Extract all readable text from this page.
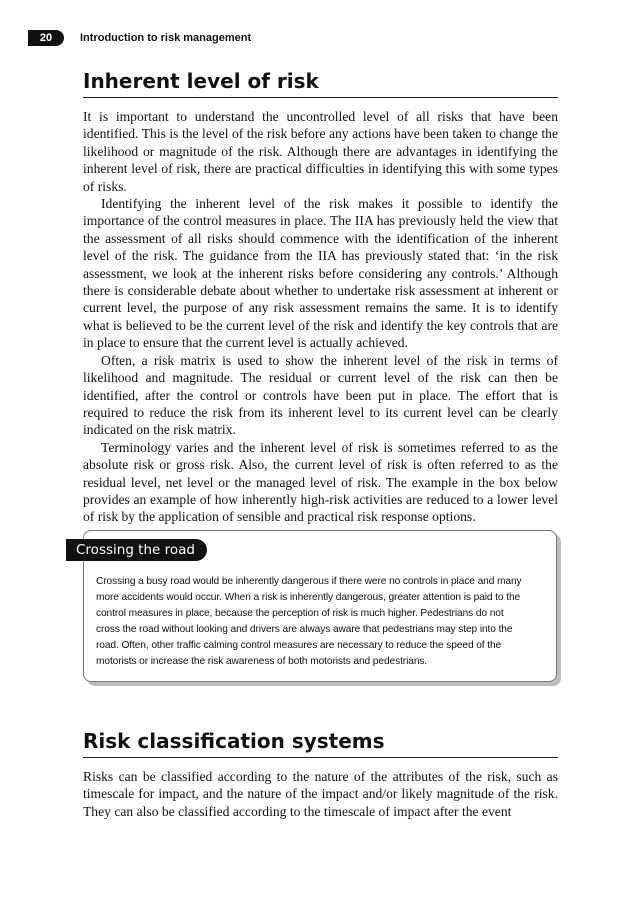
20	Introduction to risk management
Inherent level of risk

It is important to understand the uncontrolled level of all risks that have been identified. This is the level of the risk before any actions have been taken to change the likelihood or magnitude of the risk. Although there are advantages in identifying the inherent level of risk, there are practical difficulties in identifying this with some types of risks.

Identifying the inherent level of the risk makes it possible to identify the importance of the control measures in place. The IIA has previously held the view that the assessment of all risks should commence with the identification of the inherent level of the risk. The guidance from the IIA has previously stated that: ‘in the risk assessment, we look at the inherent risks before considering any controls.’ Although there is considerable debate about whether to undertake risk assessment at inherent or current level, the purpose of any risk assessment remains the same. It is to identify what is believed to be the current level of the risk and identify the key controls that are in place to ensure that the current level is actually achieved.

Often, a risk matrix is used to show the inherent level of the risk in terms of likelihood and magnitude. The residual or current level of the risk can then be identified, after the control or controls have been put in place. The effort that is required to reduce the risk from its inherent level to its current level can be clearly indicated on the risk matrix.

Terminology varies and the inherent level of risk is sometimes referred to as the absolute risk or gross risk. Also, the current level of risk is often referred to as the residual level, net level or the managed level of risk. The example in the box below provides an example of how inherently high-risk activities are reduced to a lower level of risk by the application of sensible and practical risk response options.

Crossing the road

Crossing a busy road would be inherently dangerous if there were no controls in place and many more accidents would occur. When a risk is inherently dangerous, greater attention is paid to the control measures in place, because the perception of risk is much higher. Pedestrians do not cross the road without looking and drivers are always aware that pedestrians may step into the road. Often, other traffic calming control measures are necessary to reduce the speed of the motorists or increase the risk awareness of both motorists and pedestrians.

Risk classification systems

Risks can be classified according to the nature of the attributes of the risk, such as timescale for impact, and the nature of the impact and/or likely magnitude of the risk. They can also be classified according to the timescale of impact after the event
